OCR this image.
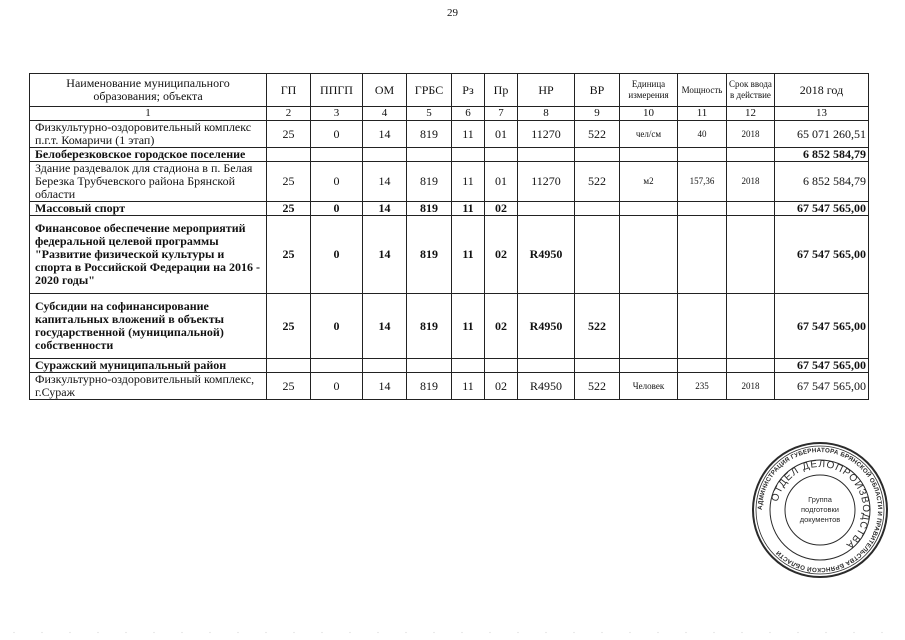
29
Наименование муниципального образования; объекта	ГП	ППГП	ОМ	ГРБС	Рз	Пр	НР	ВР	Единица измерения	Мощность	Срок ввода в действие	2018 год
1	2	3	4	5	6	7	8	9	10	11	12	13
Физкультурно-оздоровительный комплекс п.г.т. Комаричи (1 этап)	25	0	14	819	11	01	11270	522	чел/см	40	2018	65 071 260,51
Белоберезковское городское поселение												6 852 584,79
Здание раздевалок для стадиона в п. Белая Березка Трубчевского района Брянской области	25	0	14	819	11	01	11270	522	м2	157,36	2018	6 852 584,79
Массовый спорт	25	0	14	819	11	02						67 547 565,00
Финансовое обеспечение мероприятий федеральной целевой программы "Развитие физической культуры и спорта в Российской Федерации на 2016 - 2020 годы"	25	0	14	819	11	02	R4950					67 547 565,00
Субсидии на софинансирование капитальных вложений в объекты государственной (муниципальной) собственности	25	0	14	819	11	02	R4950	522				67 547 565,00
Суражский муниципальный район												67 547 565,00
Физкультурно-оздоровительный комплекс, г.Сураж	25	0	14	819	11	02	R4950	522	Человек	235	2018	67 547 565,00
АДМИНИСТРАЦИЯ ГУБЕРНАТОРА БРЯНСКОЙ ОБЛАСТИ И ПРАВИТЕЛЬСТВА БРЯНСКОЙ ОБЛАСТИ
ОТДЕЛ ДЕЛОПРОИЗВОДСТВА
Группа
подготовки
документов
